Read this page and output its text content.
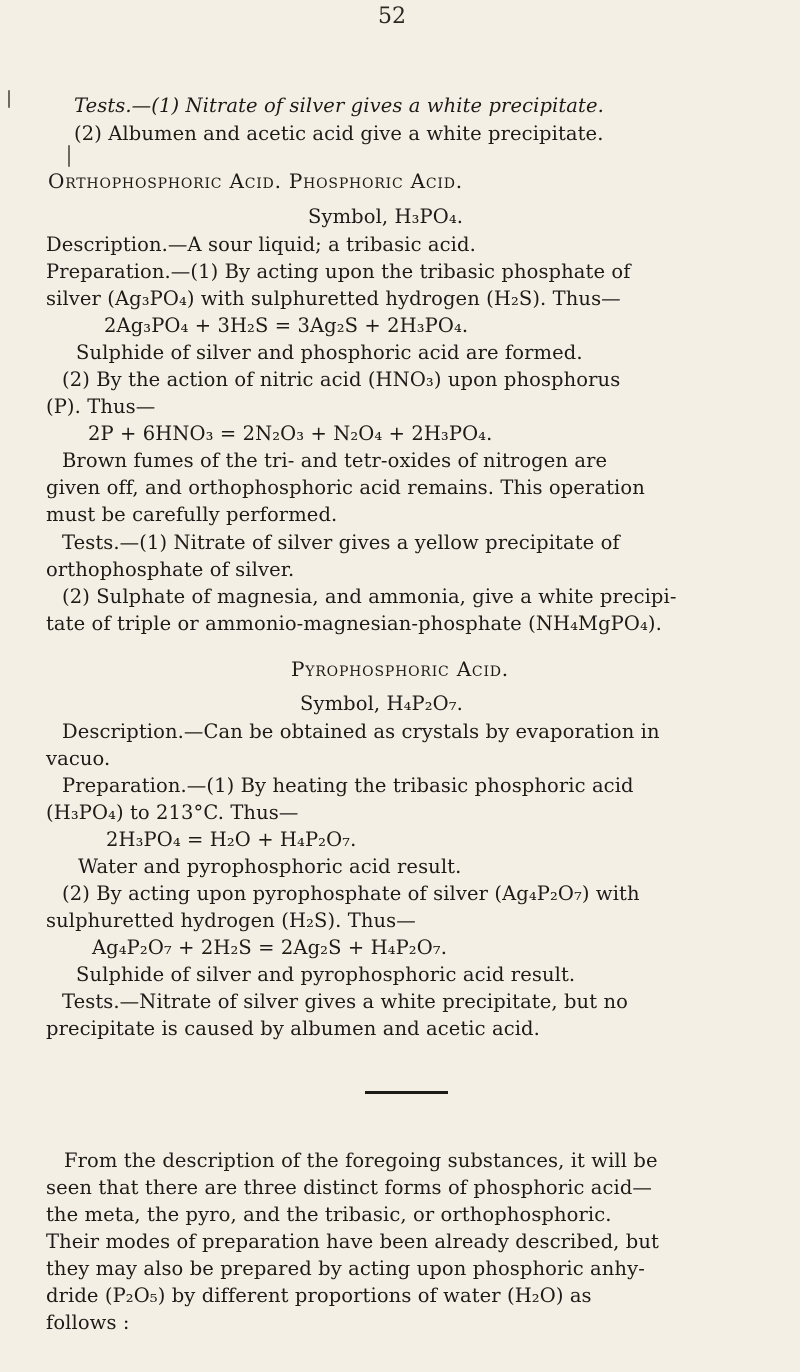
52
Tests.—(1) Nitrate of silver gives a white precipitate.
(2) Albumen and acetic acid give a white precipitate.
Orthophosphoric Acid. Phosphoric Acid.
Symbol, H₃PO₄.
Description.—A sour liquid; a tribasic acid.
Preparation.—(1) By acting upon the tribasic phosphate of
silver (Ag₃PO₄) with sulphuretted hydrogen (H₂S). Thus—
2Ag₃PO₄ + 3H₂S = 3Ag₂S + 2H₃PO₄.
Sulphide of silver and phosphoric acid are formed.
(2) By the action of nitric acid (HNO₃) upon phosphorus
(P). Thus—
2P + 6HNO₃ = 2N₂O₃ + N₂O₄ + 2H₃PO₄.
Brown fumes of the tri- and tetr-oxides of nitrogen are
given off, and orthophosphoric acid remains. This operation
must be carefully performed.
Tests.—(1) Nitrate of silver gives a yellow precipitate of
orthophosphate of silver.
(2) Sulphate of magnesia, and ammonia, give a white precipi-
tate of triple or ammonio-magnesian-phosphate (NH₄MgPO₄).
Pyrophosphoric Acid.
Symbol, H₄P₂O₇.
Description.—Can be obtained as crystals by evaporation in
vacuo.
Preparation.—(1) By heating the tribasic phosphoric acid
(H₃PO₄) to 213°C. Thus—
2H₃PO₄ = H₂O + H₄P₂O₇.
Water and pyrophosphoric acid result.
(2) By acting upon pyrophosphate of silver (Ag₄P₂O₇) with
sulphuretted hydrogen (H₂S). Thus—
Ag₄P₂O₇ + 2H₂S = 2Ag₂S + H₄P₂O₇.
Sulphide of silver and pyrophosphoric acid result.
Tests.—Nitrate of silver gives a white precipitate, but no
precipitate is caused by albumen and acetic acid.
From the description of the foregoing substances, it will be
seen that there are three distinct forms of phosphoric acid—
the meta, the pyro, and the tribasic, or orthophosphoric.
Their modes of preparation have been already described, but
they may also be prepared by acting upon phosphoric anhy-
dride (P₂O₅) by different proportions of water (H₂O) as
follows :
